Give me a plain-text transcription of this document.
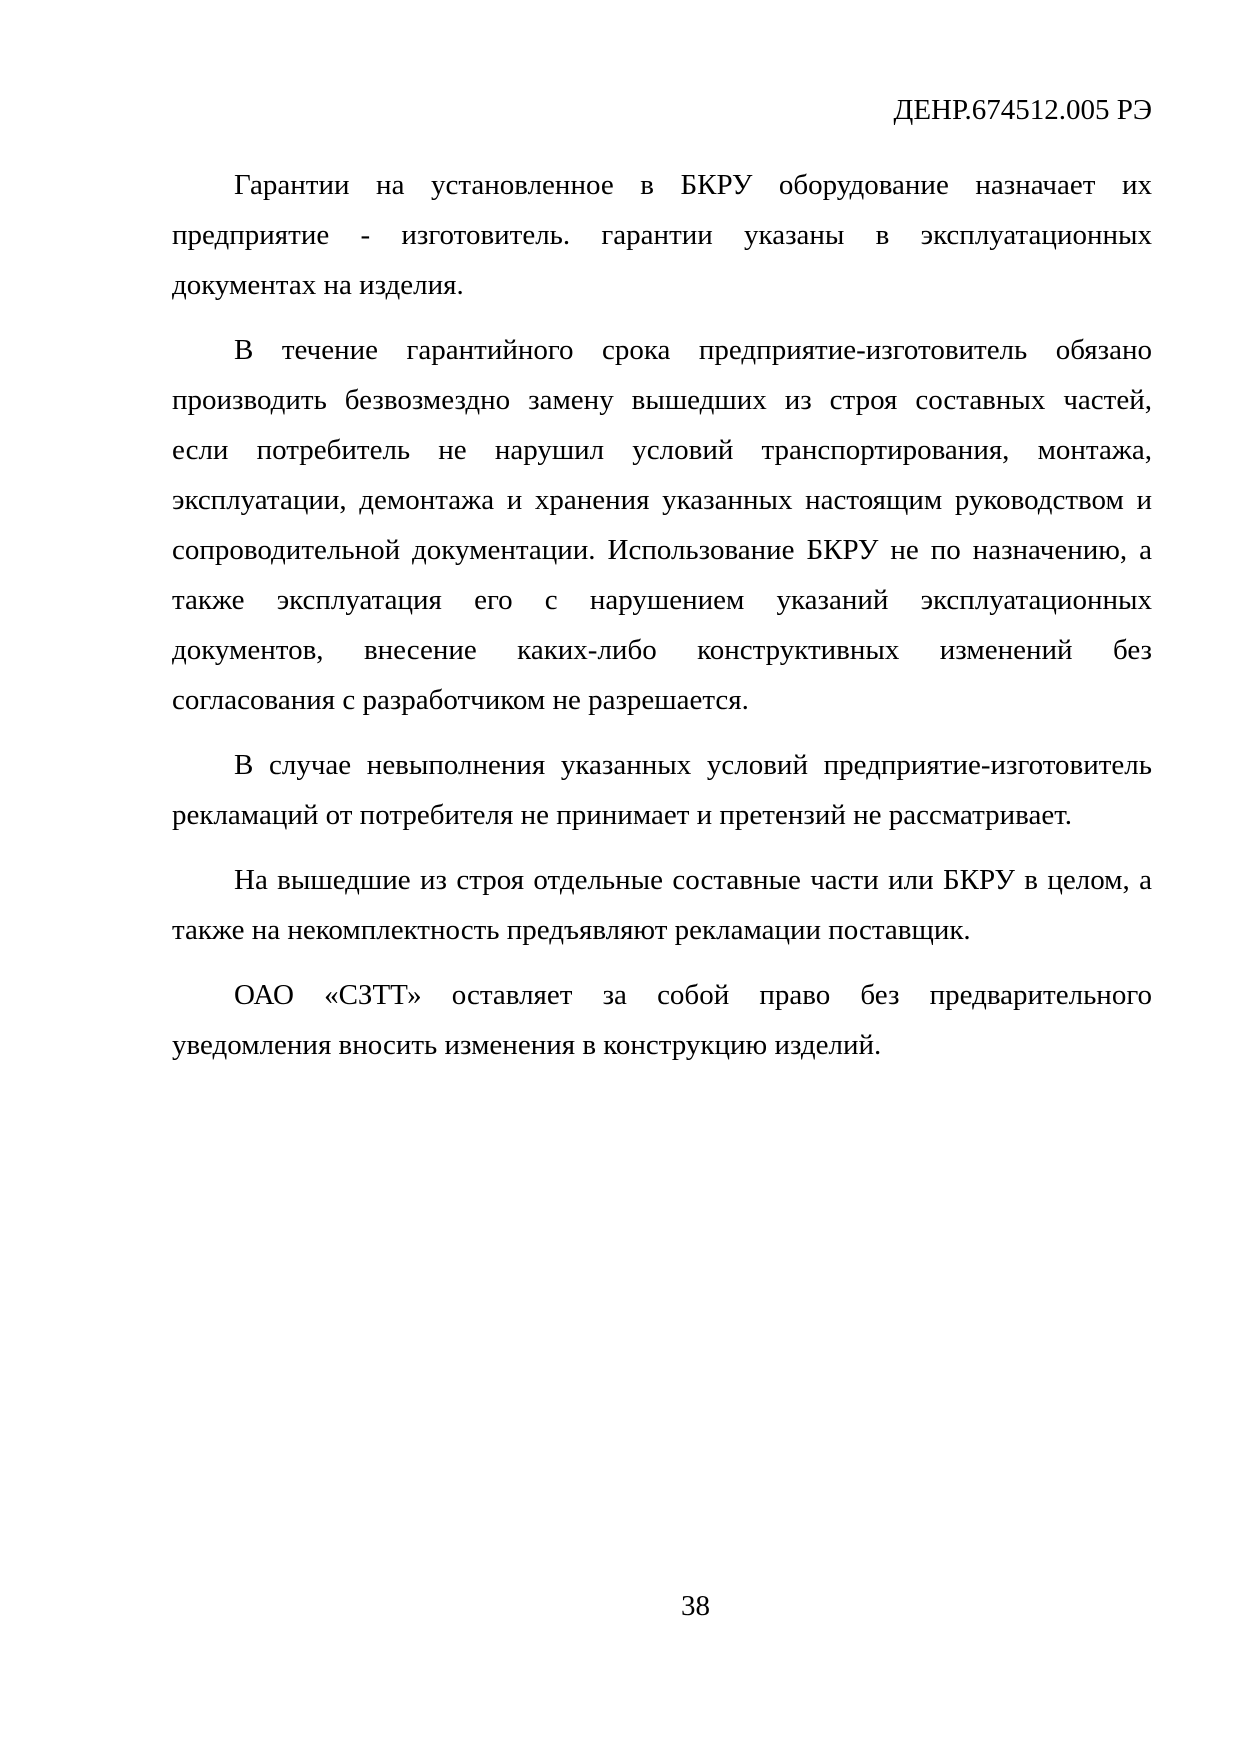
ДЕНР.674512.005 РЭ
Гарантии на установленное в БКРУ оборудование назначает их
предприятие - изготовитель. гарантии указаны в эксплуатационных
документах на изделия.
В течение гарантийного срока предприятие-изготовитель обязано
производить безвозмездно замену вышедших из строя составных частей,
если потребитель не нарушил условий транспортирования, монтажа,
эксплуатации, демонтажа и хранения указанных настоящим руководством и
сопроводительной документации. Использование БКРУ не по назначению, а
также эксплуатация его с нарушением указаний эксплуатационных
документов, внесение каких-либо конструктивных изменений без
согласования с разработчиком не разрешается.
В случае невыполнения указанных условий предприятие-изготовитель
рекламаций от потребителя не принимает и претензий не рассматривает.
На вышедшие из строя отдельные составные части или БКРУ в целом, а
также на некомплектность предъявляют рекламации поставщик.
ОАО «СЗТТ» оставляет за собой право без предварительного
уведомления вносить изменения в конструкцию изделий.
38
